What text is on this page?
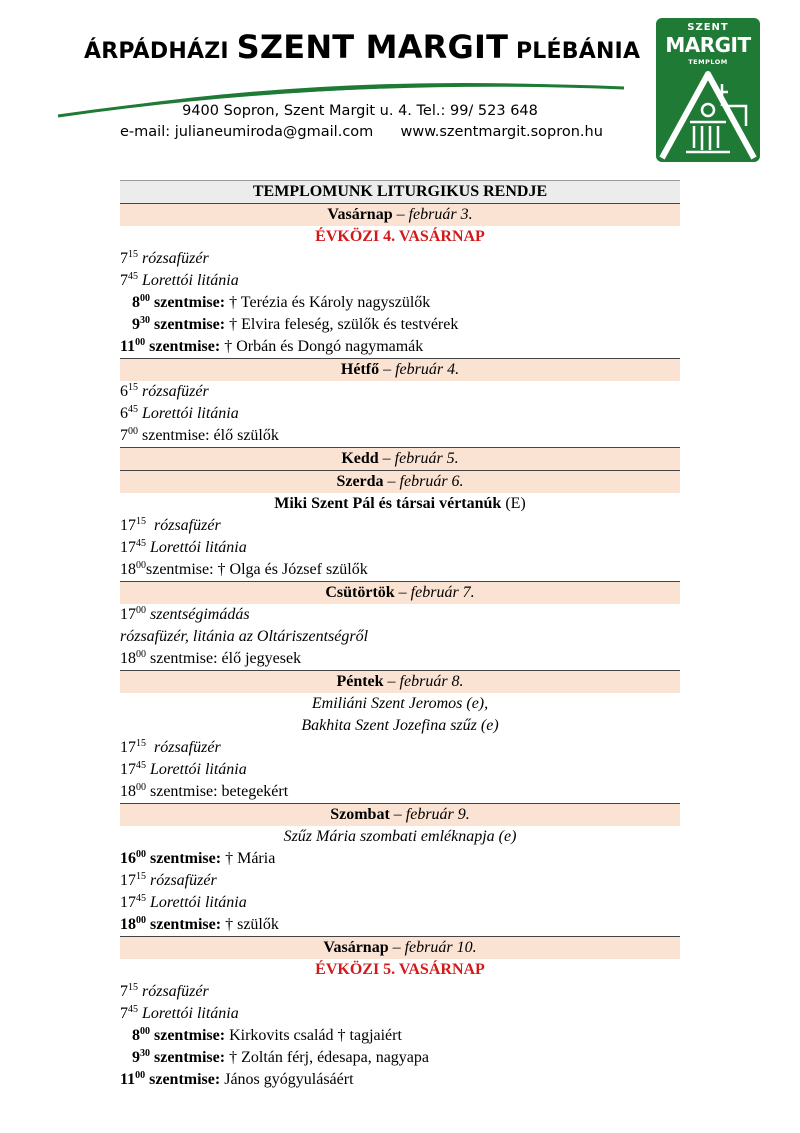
ÁRPÁDHÁZI SZENT MARGIT PLÉBÁNIA
9400 Sopron, Szent Margit u. 4. Tel.: 99/ 523 648
e-mail: julianeumiroda@gmail.com www.szentmargit.sopron.hu
SZENT
MARGIT
TEMPLOM
TEMPLOMUNK LITURGIKUS RENDJE
Vasárnap – február 3.
ÉVKÖZI 4. VASÁRNAP
$7^{15}$ rózsafüzér
$7^{45}$ Lorettói litánia
$8^{00}$ szentmise: † Terézia és Károly nagyszülők
$9^{30}$ szentmise: † Elvira feleség, szülők és testvérek
$11^{00}$ szentmise: † Orbán és Dongó nagymamák
Hétfő – február 4.
$6^{15}$ rózsafüzér
$6^{45}$ Lorettói litánia
$7^{00}$ szentmise: élő szülők
Kedd – február 5.
Szerda – február 6.
Miki Szent Pál és társai vértanúk (E)
$17^{15}$ rózsafüzér
$17^{45}$ Lorettói litánia
$18^{00}szentmise$: † Olga és József szülők
Csütörtök – február 7.
$17^{00}$ szentségimádás
rózsafüzér, litánia az Oltáriszentségről
$18^{00}$ szentmise: élő jegyesek
Péntek – február 8.
Emiliáni Szent Jeromos (e),
Bakhita Szent Jozefina szűz (e)
$17^{15}$ rózsafüzér
$17^{45}$ Lorettói litánia
$18^{00}$ szentmise: betegekért
Szombat – február 9.
Szűz Mária szombati emléknapja (e)
$16^{00}$ szentmise: † Mária
$17^{15}$ rózsafüzér
$17^{45}$ Lorettói litánia
$18^{00}$ szentmise: † szülők
Vasárnap – február 10.
ÉVKÖZI 5. VASÁRNAP
$7^{15}$ rózsafüzér
$7^{45}$ Lorettói litánia
$8^{00}$ szentmise: Kirkovits család † tagjaiért
$9^{30}$ szentmise: † Zoltán férj, édesapa, nagyapa
$11^{00}$ szentmise: János gyógyulásáért
